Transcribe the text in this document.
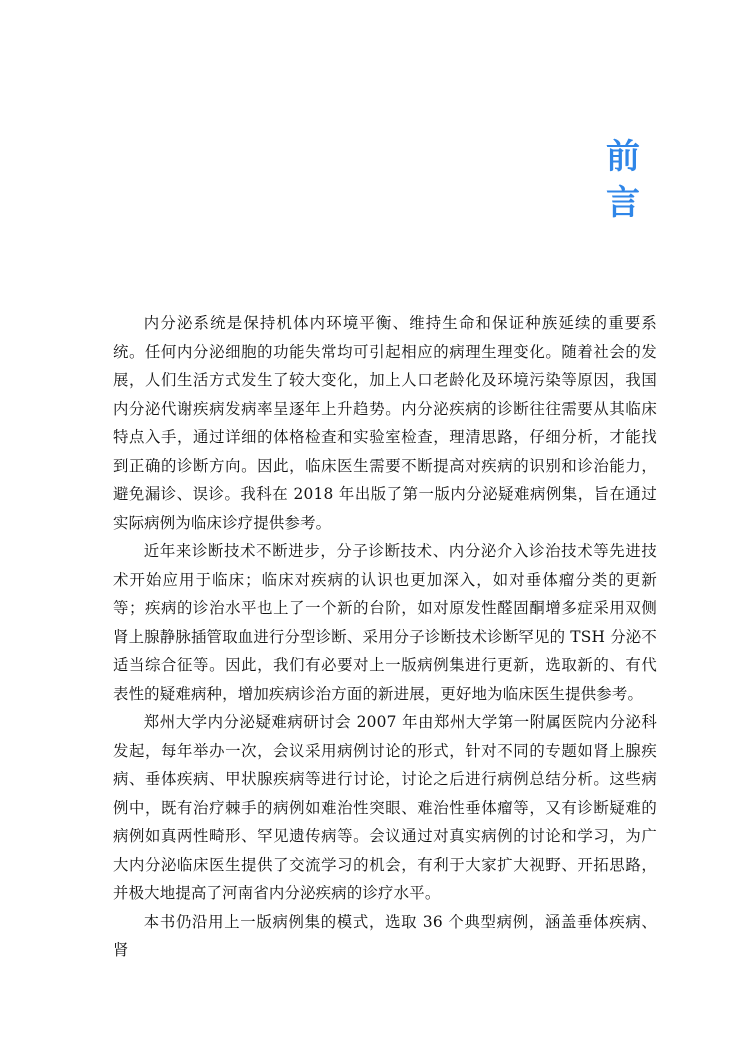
前
言

内分泌系统是保持机体内环境平衡、维持生命和保证种族延续的重要系统。任何内分泌细胞的功能失常均可引起相应的病理生理变化。随着社会的发展，人们生活方式发生了较大变化，加上人口老龄化及环境污染等原因，我国内分泌代谢疾病发病率呈逐年上升趋势。内分泌疾病的诊断往往需要从其临床特点入手，通过详细的体格检查和实验室检查，理清思路，仔细分析，才能找到正确的诊断方向。因此，临床医生需要不断提高对疾病的识别和诊治能力，避免漏诊、误诊。我科在 2018 年出版了第一版内分泌疑难病例集，旨在通过实际病例为临床诊疗提供参考。

近年来诊断技术不断进步，分子诊断技术、内分泌介入诊治技术等先进技术开始应用于临床；临床对疾病的认识也更加深入，如对垂体瘤分类的更新等；疾病的诊治水平也上了一个新的台阶，如对原发性醛固酮增多症采用双侧肾上腺静脉插管取血进行分型诊断、采用分子诊断技术诊断罕见的 TSH 分泌不适当综合征等。因此，我们有必要对上一版病例集进行更新，选取新的、有代表性的疑难病种，增加疾病诊治方面的新进展，更好地为临床医生提供参考。

郑州大学内分泌疑难病研讨会 2007 年由郑州大学第一附属医院内分泌科发起，每年举办一次，会议采用病例讨论的形式，针对不同的专题如肾上腺疾病、垂体疾病、甲状腺疾病等进行讨论，讨论之后进行病例总结分析。这些病例中，既有治疗棘手的病例如难治性突眼、难治性垂体瘤等，又有诊断疑难的病例如真两性畸形、罕见遗传病等。会议通过对真实病例的讨论和学习，为广大内分泌临床医生提供了交流学习的机会，有利于大家扩大视野、开拓思路，并极大地提高了河南省内分泌疾病的诊疗水平。

本书仍沿用上一版病例集的模式，选取 36 个典型病例，涵盖垂体疾病、肾
